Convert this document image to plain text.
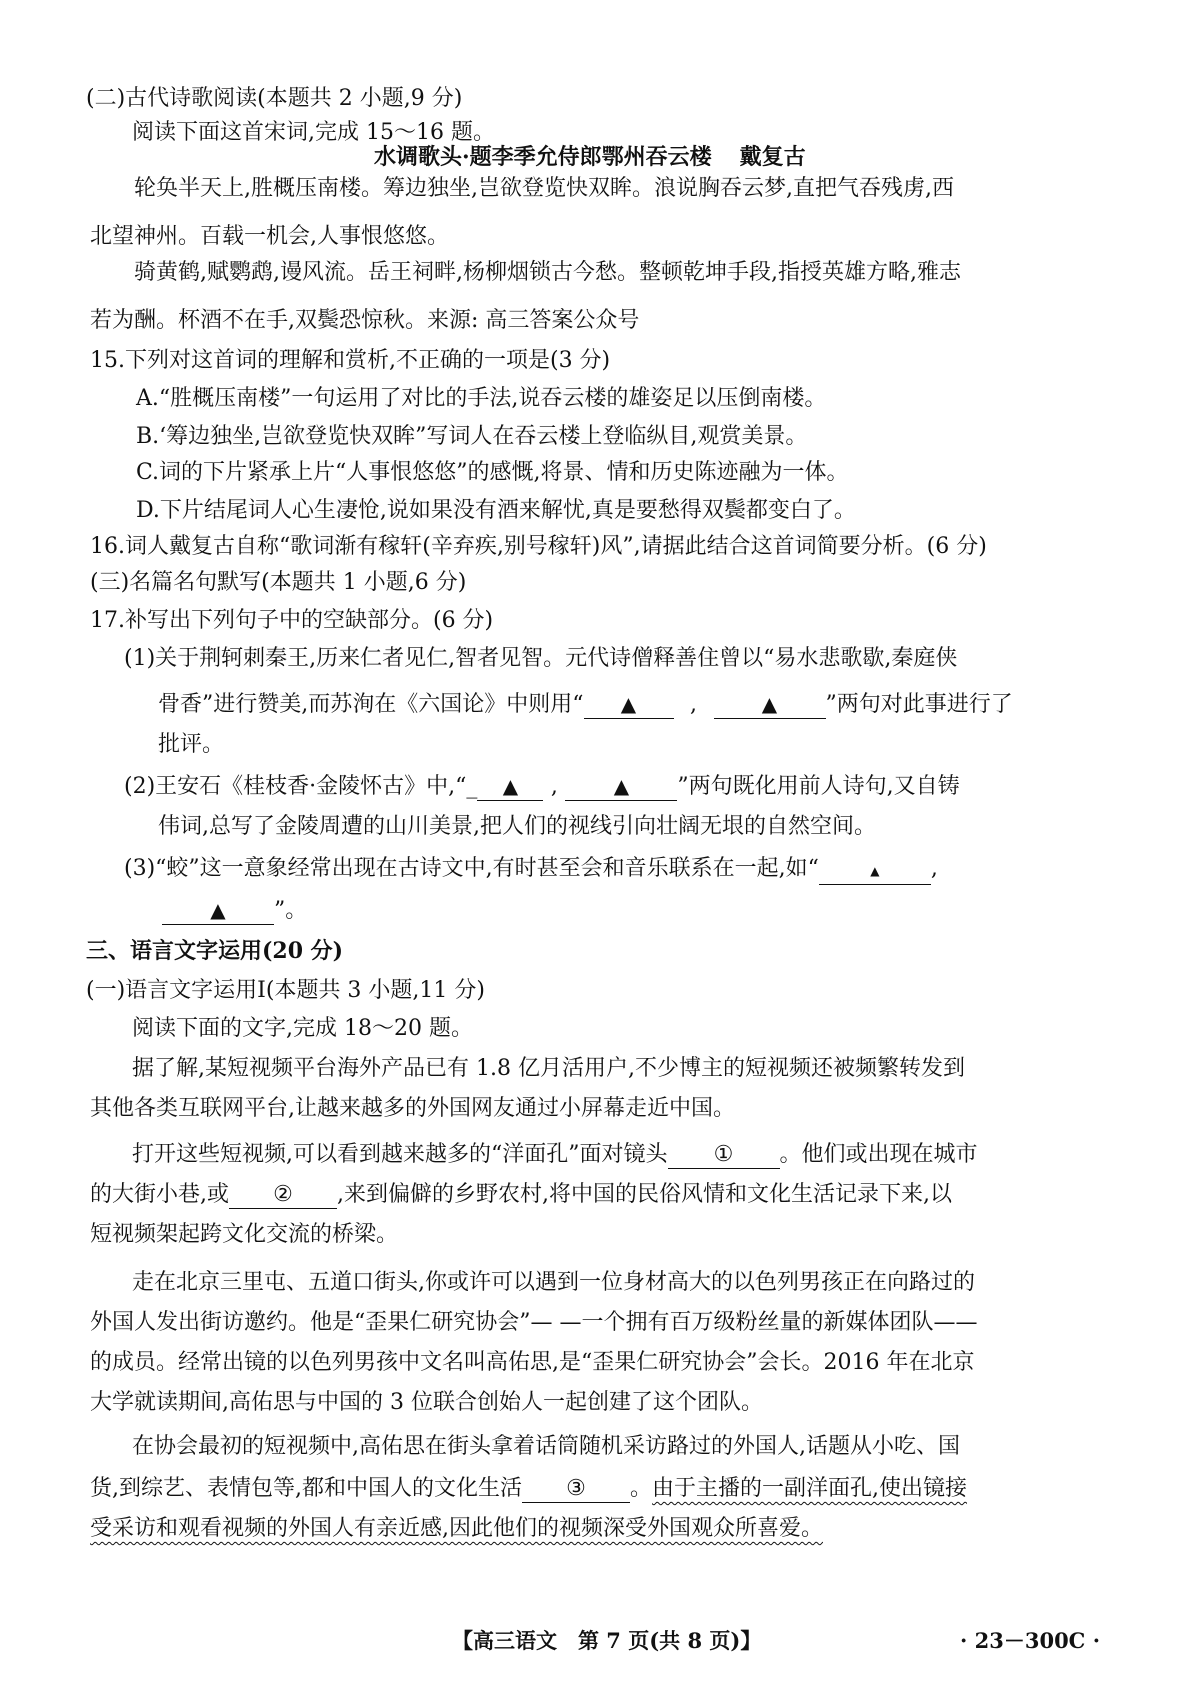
(二)古代诗歌阅读(本题共 2 小题,9 分)
阅读下面这首宋词,完成 15～16 题。
水调歌头·题李季允侍郎鄂州吞云楼 戴复古
轮奂半天上,胜概压南楼。筹边独坐,岂欲登览快双眸。浪说胸吞云梦,直把气吞残虏,西
北望神州。百载一机会,人事恨悠悠。
骑黄鹤,赋鹦鹉,谩风流。岳王祠畔,杨柳烟锁古今愁。整顿乾坤手段,指授英雄方略,雅志
若为酬。杯酒不在手,双鬓恐惊秋。来源: 高三答案公众号
15.下列对这首词的理解和赏析,不正确的一项是(3 分)
A.“胜概压南楼”一句运用了对比的手法,说吞云楼的雄姿足以压倒南楼。
B.‘筹边独坐,岂欲登览快双眸”写词人在吞云楼上登临纵目,观赏美景。
C.词的下片紧承上片“人事恨悠悠”的感慨,将景、情和历史陈迹融为一体。
D.下片结尾词人心生凄怆,说如果没有酒来解忧,真是要愁得双鬓都变白了。
16.词人戴复古自称“歌词渐有稼轩(辛弃疾,别号稼轩)风”,请据此结合这首词简要分析。(6 分)
(三)名篇名句默写(本题共 1 小题,6 分)
17.补写出下列句子中的空缺部分。(6 分)
(1)关于荆轲刺秦王,历来仁者见仁,智者见智。元代诗僧释善住曾以“易水悲歌歇,秦庭侠
骨香”进行赞美,而苏洵在《六国论》中则用“ ▲ ,	▲ ”两句对此事进行了
批评。
(2)王安石《桂枝香·金陵怀古》中,“_ ▲ ,	▲ ”两句既化用前人诗句,又自铸
伟词,总写了金陵周遭的山川美景,把人们的视线引向壮阔无垠的自然空间。
(3)“蛟”这一意象经常出现在古诗文中,有时甚至会和音乐联系在一起,如“	▲ ,
▲ ”。
三、语言文字运用(20 分)
(一)语言文字运用Ⅰ(本题共 3 小题,11 分)
阅读下面的文字,完成 18～20 题。
据了解,某短视频平台海外产品已有 1.8 亿月活用户,不少博主的短视频还被频繁转发到
其他各类互联网平台,让越来越多的外国网友通过小屏幕走近中国。
打开这些短视频,可以看到越来越多的“洋面孔”面对镜头 ① 。他们或出现在城市
的大街小巷,或 ② ,来到偏僻的乡野农村,将中国的民俗风情和文化生活记录下来,以
短视频架起跨文化交流的桥梁。
走在北京三里屯、五道口街头,你或许可以遇到一位身材高大的以色列男孩正在向路过的
外国人发出街访邀约。他是“歪果仁研究协会”— —一个拥有百万级粉丝量的新媒体团队——
的成员。经常出镜的以色列男孩中文名叫高佑思,是“歪果仁研究协会”会长。2016 年在北京
大学就读期间,高佑思与中国的 3 位联合创始人一起创建了这个团队。
在协会最初的短视频中,高佑思在街头拿着话筒随机采访路过的外国人,话题从小吃、国
货,到综艺、表情包等,都和中国人的文化生活 ③ 。由于主播的一副洋面孔,使出镜接
受采访和观看视频的外国人有亲近感,因此他们的视频深受外国观众所喜爱。
【高三语文　第 7 页(共 8 页)】	· 23－300C ·
